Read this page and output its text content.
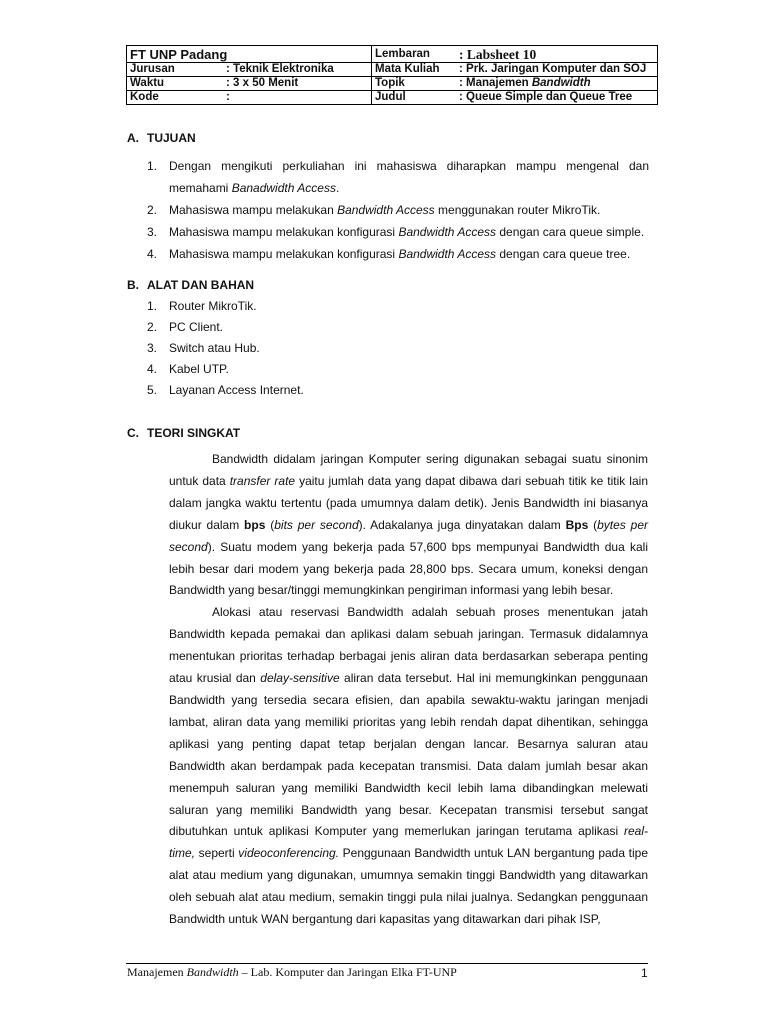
FT UNP Padang		Lembaran	: Labsheet 10
Jurusan	: Teknik Elektronika	Mata Kuliah	: Prk. Jaringan Komputer dan SOJ
Waktu	: 3 x 50 Menit	Topik	: Manajemen Bandwidth
Kode	:	Judul	: Queue Simple dan Queue Tree
A. TUJUAN
1. Dengan mengikuti perkuliahan ini mahasiswa diharapkan mampu mengenal dan memahami Banadwidth Access.
2. Mahasiswa mampu melakukan Bandwidth Access menggunakan router MikroTik.
3. Mahasiswa mampu melakukan konfigurasi Bandwidth Access dengan cara queue simple.
4. Mahasiswa mampu melakukan konfigurasi Bandwidth Access dengan cara queue tree.
B. ALAT DAN BAHAN
1. Router MikroTik.
2. PC Client.
3. Switch atau Hub.
4. Kabel UTP.
5. Layanan Access Internet.
C. TEORI SINGKAT

Bandwidth didalam jaringan Komputer sering digunakan sebagai suatu sinonim untuk data transfer rate yaitu jumlah data yang dapat dibawa dari sebuah titik ke titik lain dalam jangka waktu tertentu (pada umumnya dalam detik). Jenis Bandwidth ini biasanya diukur dalam bps (bits per second). Adakalanya juga dinyatakan dalam Bps (bytes per second). Suatu modem yang bekerja pada 57,600 bps mempunyai Bandwidth dua kali lebih besar dari modem yang bekerja pada 28,800 bps. Secara umum, koneksi dengan Bandwidth yang besar/tinggi memungkinkan pengiriman informasi yang lebih besar.

Alokasi atau reservasi Bandwidth adalah sebuah proses menentukan jatah Bandwidth kepada pemakai dan aplikasi dalam sebuah jaringan. Termasuk didalamnya menentukan prioritas terhadap berbagai jenis aliran data berdasarkan seberapa penting atau krusial dan delay-sensitive aliran data tersebut. Hal ini memungkinkan penggunaan Bandwidth yang tersedia secara efisien, dan apabila sewaktu-waktu jaringan menjadi lambat, aliran data yang memiliki prioritas yang lebih rendah dapat dihentikan, sehingga aplikasi yang penting dapat tetap berjalan dengan lancar. Besarnya saluran atau Bandwidth akan berdampak pada kecepatan transmisi. Data dalam jumlah besar akan menempuh saluran yang memiliki Bandwidth kecil lebih lama dibandingkan melewati saluran yang memiliki Bandwidth yang besar. Kecepatan transmisi tersebut sangat dibutuhkan untuk aplikasi Komputer yang memerlukan jaringan terutama aplikasi real-time, seperti videoconferencing. Penggunaan Bandwidth untuk LAN bergantung pada tipe alat atau medium yang digunakan, umumnya semakin tinggi Bandwidth yang ditawarkan oleh sebuah alat atau medium, semakin tinggi pula nilai jualnya. Sedangkan penggunaan Bandwidth untuk WAN bergantung dari kapasitas yang ditawarkan dari pihak ISP,

Manajemen Bandwidth – Lab. Komputer dan Jaringan Elka FT-UNP	1
